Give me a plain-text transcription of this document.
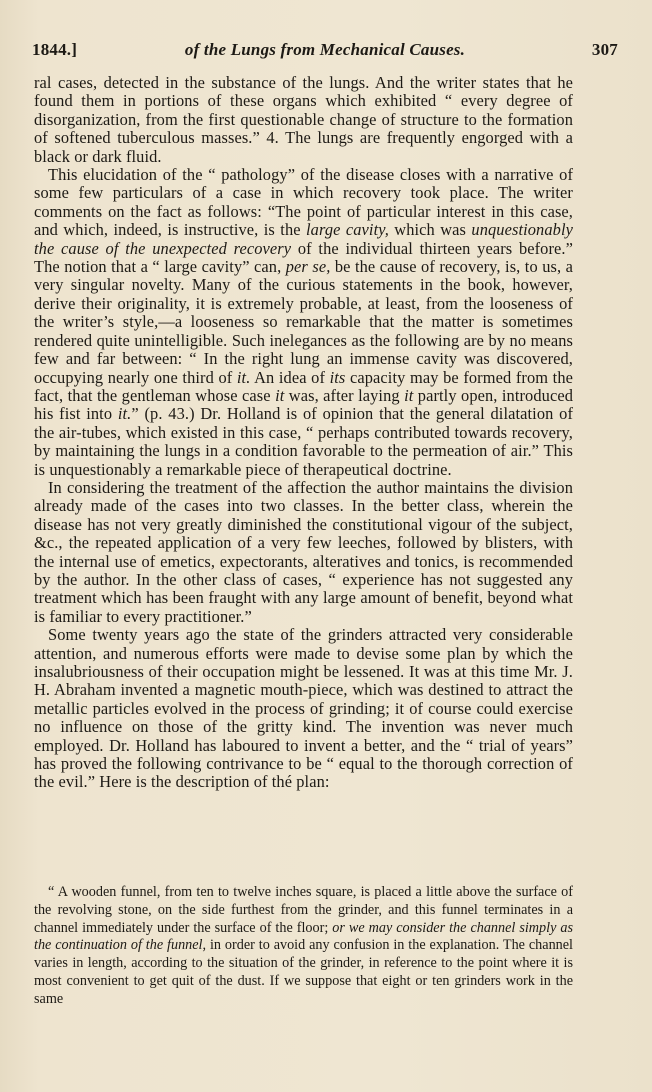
1844.]	of the Lungs from Mechanical Causes.	307

ral cases, detected in the substance of the lungs. And the writer states that he found them in portions of these organs which exhibited “ every degree of disorganization, from the first questionable change of structure to the formation of softened tuberculous masses.” 4. The lungs are frequently engorged with a black or dark fluid.

This elucidation of the “ pathology” of the disease closes with a narrative of some few particulars of a case in which recovery took place. The writer comments on the fact as follows: “The point of particular interest in this case, and which, indeed, is instructive, is the large cavity, which was unquestionably the cause of the unexpected recovery of the individual thirteen years before.” The notion that a “ large cavity” can, per se, be the cause of recovery, is, to us, a very singular novelty. Many of the curious statements in the book, however, derive their originality, it is extremely probable, at least, from the looseness of the writer’s style,—a looseness so remarkable that the matter is sometimes rendered quite unintelligible. Such inelegances as the following are by no means few and far between: “ In the right lung an immense cavity was discovered, occupying nearly one third of it. An idea of its capacity may be formed from the fact, that the gentleman whose case it was, after laying it partly open, introduced his fist into it.” (p. 43.) Dr. Holland is of opinion that the general dilatation of the air-tubes, which existed in this case, “ perhaps contributed towards recovery, by maintaining the lungs in a condition favorable to the permeation of air.” This is unquestionably a remarkable piece of therapeutical doctrine.

In considering the treatment of the affection the author maintains the division already made of the cases into two classes. In the better class, wherein the disease has not very greatly diminished the constitutional vigour of the subject, &c., the repeated application of a very few leeches, followed by blisters, with the internal use of emetics, expectorants, alteratives and tonics, is recommended by the author. In the other class of cases, “ experience has not suggested any treatment which has been fraught with any large amount of benefit, beyond what is familiar to every practitioner.”

Some twenty years ago the state of the grinders attracted very considerable attention, and numerous efforts were made to devise some plan by which the insalubriousness of their occupation might be lessened. It was at this time Mr. J. H. Abraham invented a magnetic mouth-piece, which was destined to attract the metallic particles evolved in the process of grinding; it of course could exercise no influence on those of the gritty kind. The invention was never much employed. Dr. Holland has laboured to invent a better, and the “ trial of years” has proved the following contrivance to be “ equal to the thorough correction of the evil.” Here is the description of thé plan:

“ A wooden funnel, from ten to twelve inches square, is placed a little above the surface of the revolving stone, on the side furthest from the grinder, and this funnel terminates in a channel immediately under the surface of the floor; or we may consider the channel simply as the continuation of the funnel, in order to avoid any confusion in the explanation. The channel varies in length, according to the situation of the grinder, in reference to the point where it is most convenient to get quit of the dust. If we suppose that eight or ten grinders work in the same
